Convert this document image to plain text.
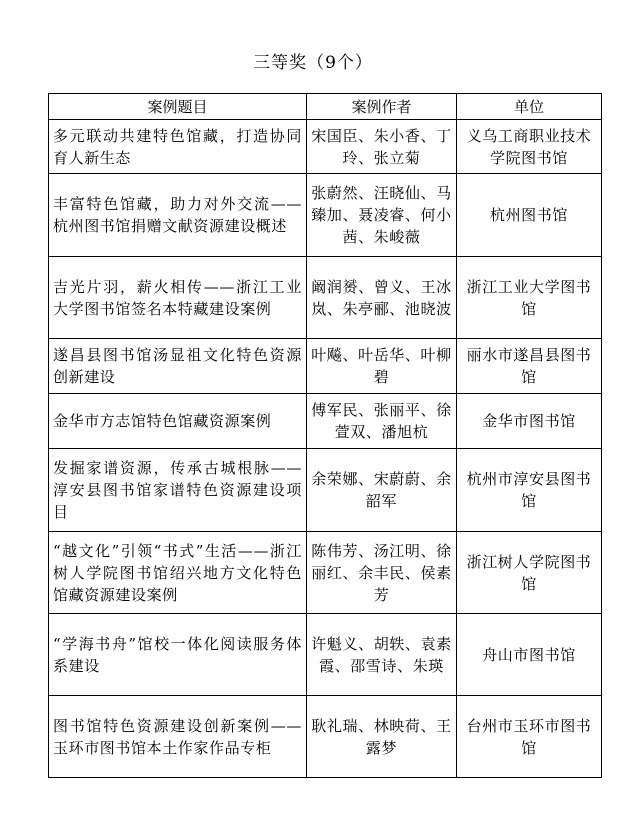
三等奖（9个）
案例题目	案例作者	单位
多元联动共建特色馆藏，打造协同育人新生态	宋国臣、朱小香、丁玲、张立菊	义乌工商职业技术学院图书馆
丰富特色馆藏，助力对外交流——杭州图书馆捐赠文献资源建设概述	张蔚然、汪晓仙、马臻加、聂凌睿、何小茜、朱峻薇	杭州图书馆
吉光片羽，薪火相传——浙江工业大学图书馆签名本特藏建设案例	阚润赟、曾义、王冰岚、朱亭郦、池晓波	浙江工业大学图书馆
遂昌县图书馆汤显祖文化特色资源创新建设	叶飚、叶岳华、叶柳碧	丽水市遂昌县图书馆
金华市方志馆特色馆藏资源案例	傅军民、张丽平、徐萱双、潘旭杭	金华市图书馆
发掘家谱资源，传承古城根脉——淳安县图书馆家谱特色资源建设项目	余荣娜、宋蔚蔚、余韶军	杭州市淳安县图书馆
“越文化”引领“书式”生活——浙江树人学院图书馆绍兴地方文化特色馆藏资源建设案例	陈伟芳、汤江明、徐丽红、余丰民、侯素芳	浙江树人学院图书馆
“学海书舟”馆校一体化阅读服务体系建设	许魁义、胡轶、袁素霞、邵雪诗、朱瑛	舟山市图书馆
图书馆特色资源建设创新案例——玉环市图书馆本土作家作品专柜	耿礼瑞、林映荷、王露梦	台州市玉环市图书馆
